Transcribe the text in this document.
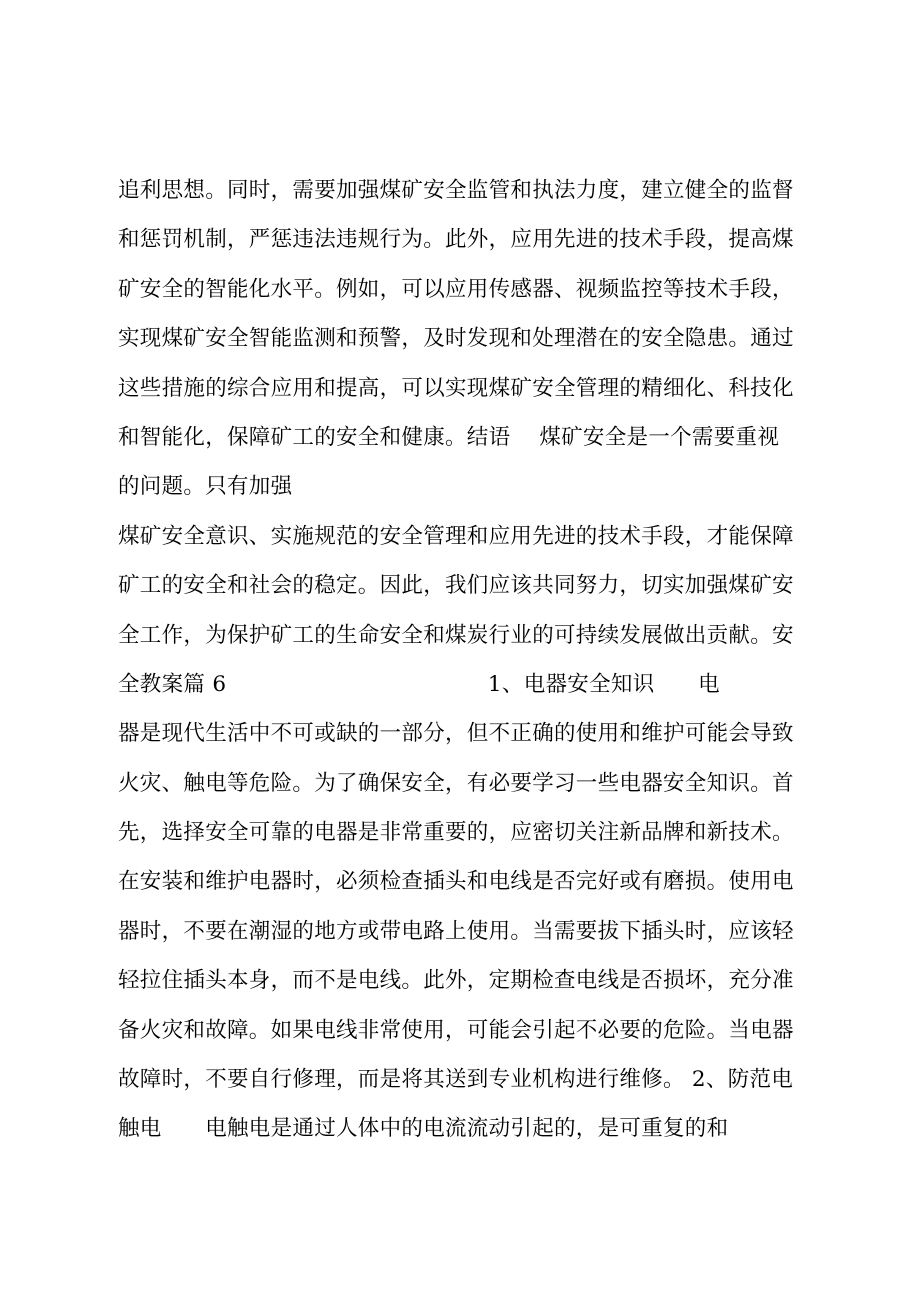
追利思想。同时，需要加强煤矿安全监管和执法力度，建立健全的监督
和惩罚机制，严惩违法违规行为。此外，应用先进的技术手段，提高煤
矿安全的智能化水平。例如，可以应用传感器、视频监控等技术手段，
实现煤矿安全智能监测和预警，及时发现和处理潜在的安全隐患。通过
这些措施的综合应用和提高，可以实现煤矿安全管理的精细化、科技化
和智能化，保障矿工的安全和健康。结语　 煤矿安全是一个需要重视
的问题。只有加强
煤矿安全意识、实施规范的安全管理和应用先进的技术手段，才能保障
矿工的安全和社会的稳定。因此，我们应该共同努力，切实加强煤矿安
全工作，为保护矿工的生命安全和煤炭行业的可持续发展做出贡献。安
全教案篇 6　　　　　　　　　　　　1、电器安全知识　　电
器是现代生活中不可或缺的一部分，但不正确的使用和维护可能会导致
火灾、触电等危险。为了确保安全，有必要学习一些电器安全知识。首
先，选择安全可靠的电器是非常重要的，应密切关注新品牌和新技术。
在安装和维护电器时，必须检查插头和电线是否完好或有磨损。使用电
器时，不要在潮湿的地方或带电路上使用。当需要拔下插头时，应该轻
轻拉住插头本身，而不是电线。此外，定期检查电线是否损坏，充分准
备火灾和故障。如果电线非常使用，可能会引起不必要的危险。当电器
故障时，不要自行修理，而是将其送到专业机构进行维修。 2、防范电
触电　　电触电是通过人体中的电流流动引起的，是可重复的和
